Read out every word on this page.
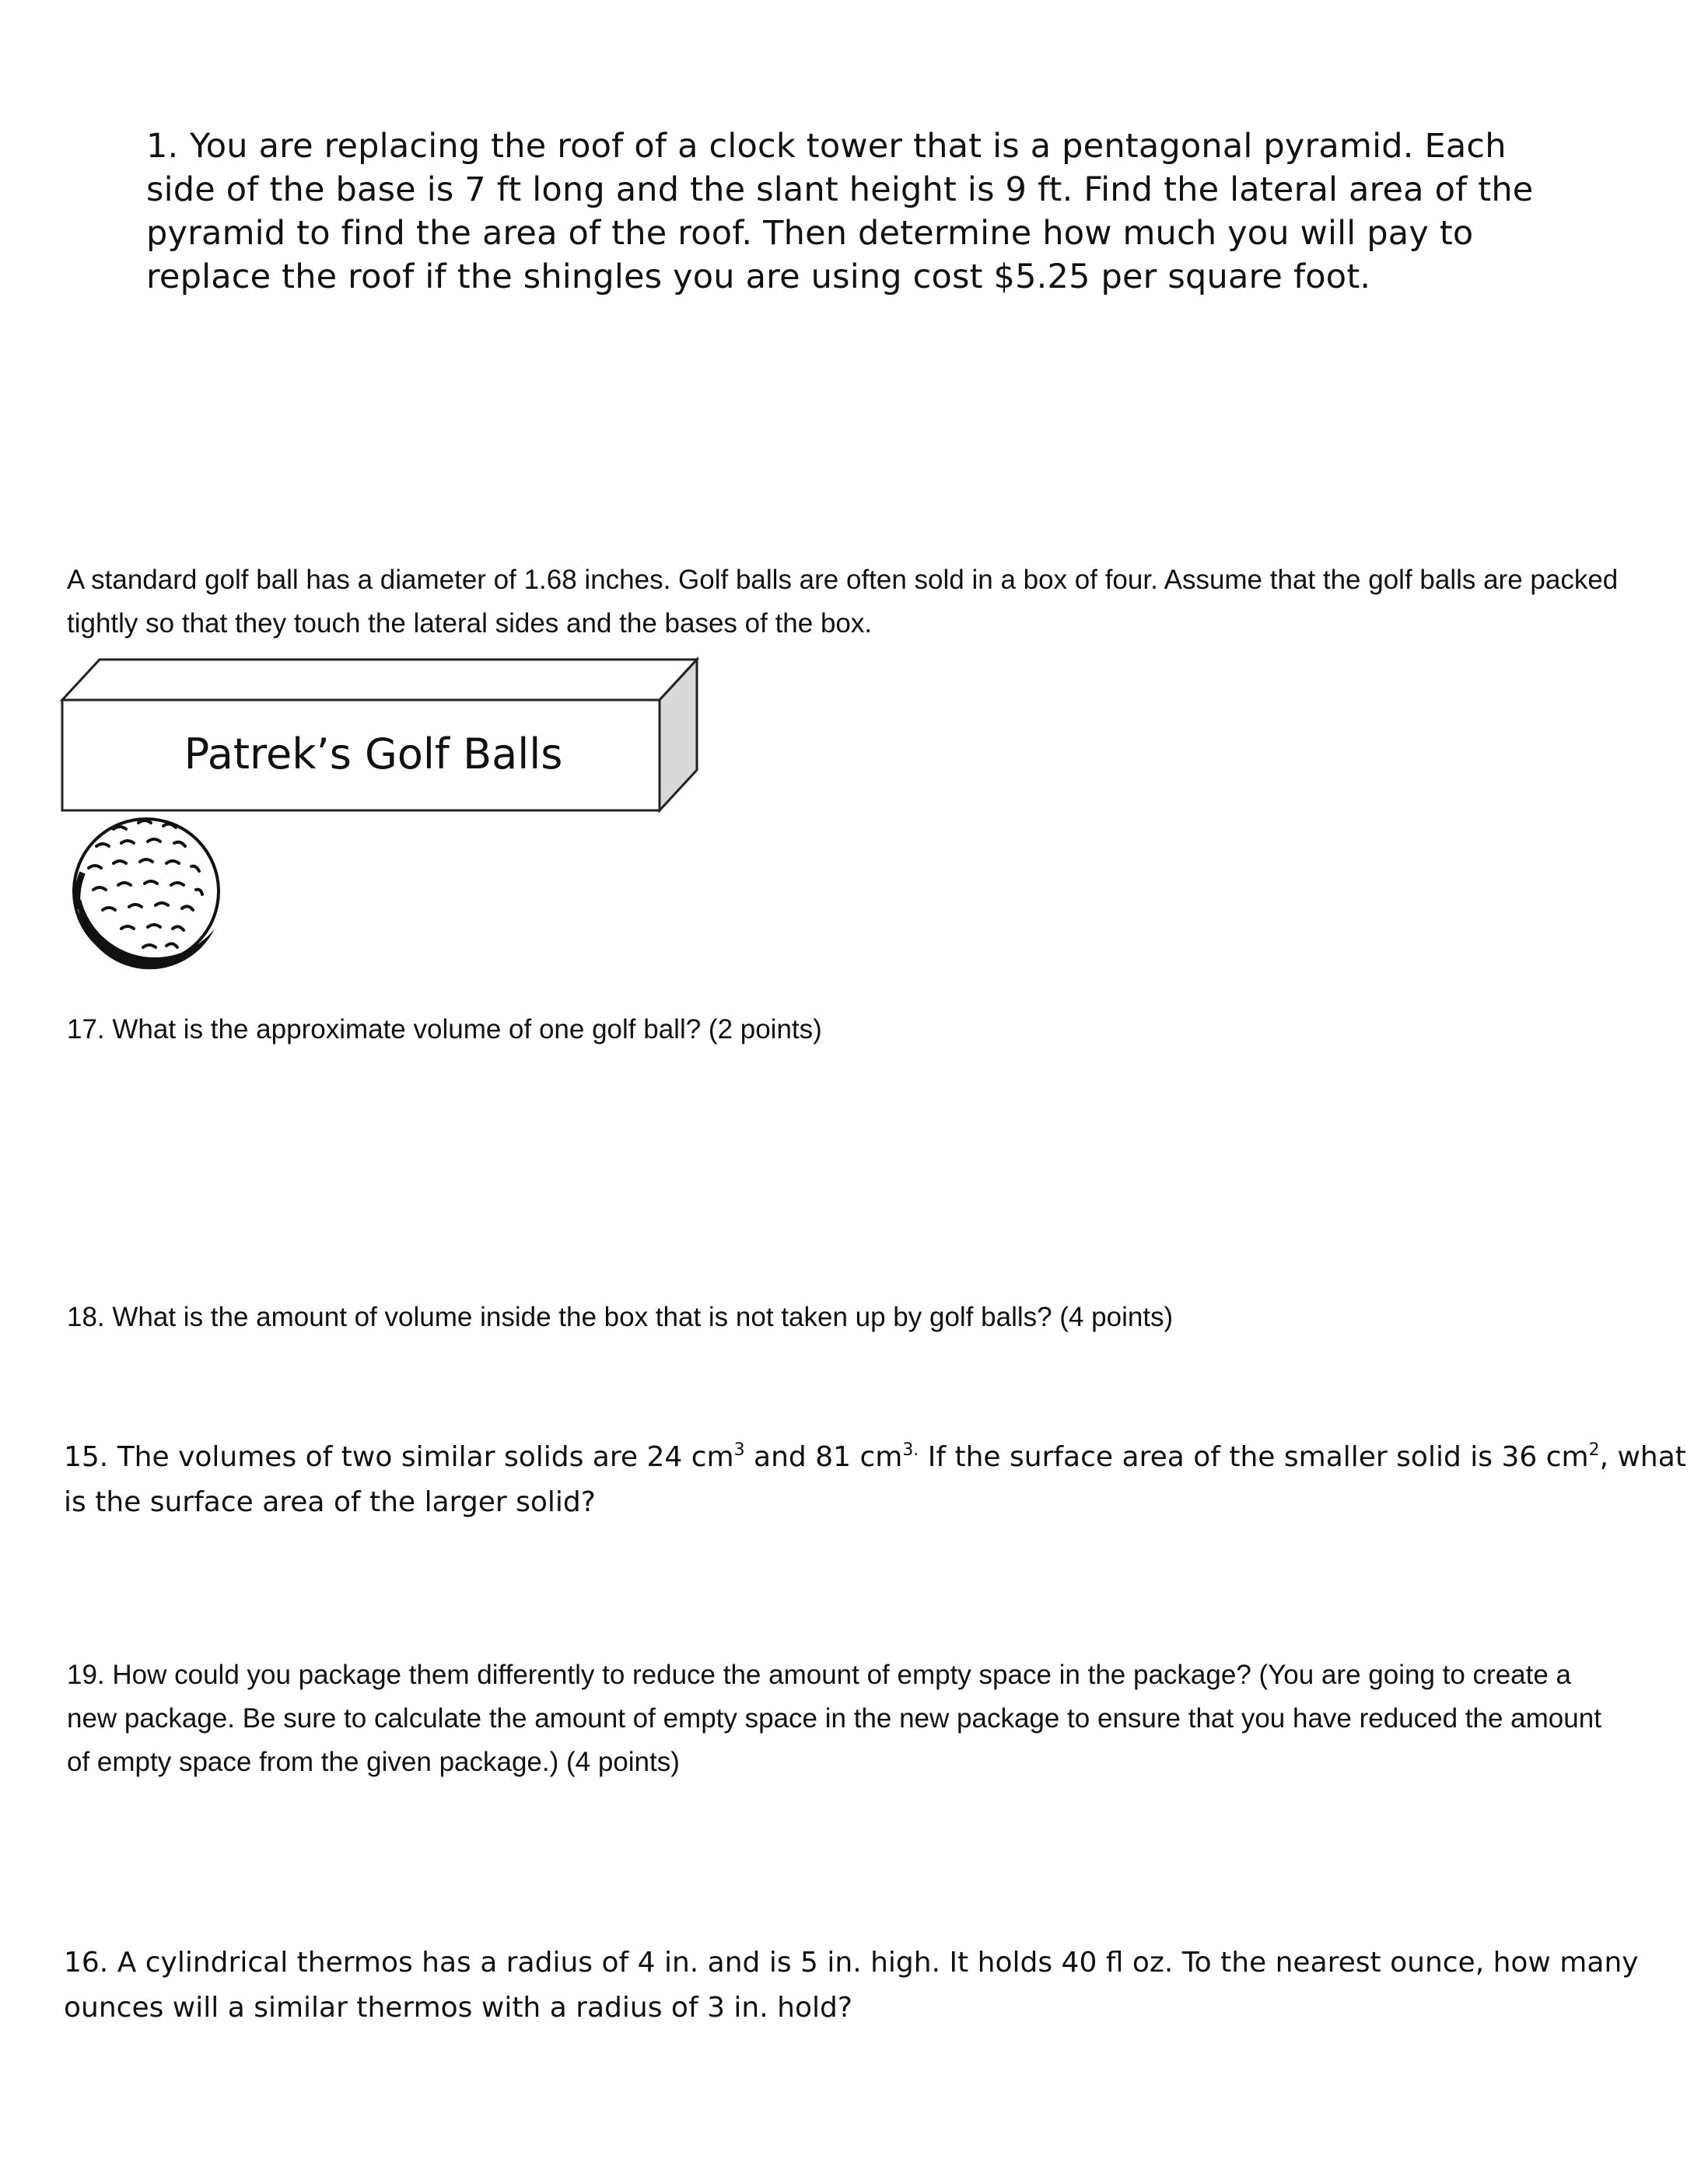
1. You are replacing the roof of a clock tower that is a pentagonal pyramid. Each side of the base is 7 ft long and the slant height is 9 ft. Find the lateral area of the pyramid to find the area of the roof. Then determine how much you will pay to replace the roof if the shingles you are using cost $5.25 per square foot.

A standard golf ball has a diameter of 1.68 inches. Golf balls are often sold in a box of four. Assume that the golf balls are packed tightly so that they touch the lateral sides and the bases of the box.

Patrek’s Golf Balls

17. What is the approximate volume of one golf ball? (2 points)

18. What is the amount of volume inside the box that is not taken up by golf balls? (4 points)

15. The volumes of two similar solids are 24 $cm^3$ and 81 $cm^{3.}$ If the surface area of the smaller solid is 36 $cm^2$, what is the surface area of the larger solid?

19. How could you package them differently to reduce the amount of empty space in the package? (You are going to create a new package. Be sure to calculate the amount of empty space in the new package to ensure that you have reduced the amount of empty space from the given package.) (4 points)

16. A cylindrical thermos has a radius of 4 in. and is 5 in. high. It holds 40 fl oz. To the nearest ounce, how many ounces will a similar thermos with a radius of 3 in. hold?
